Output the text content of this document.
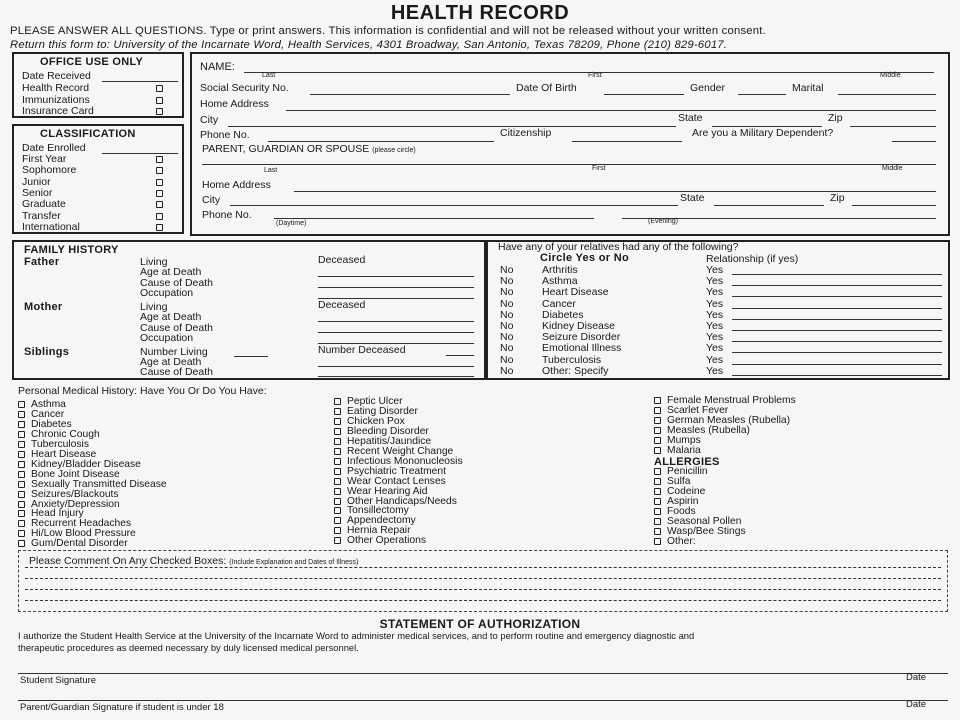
HEALTH RECORD
PLEASE ANSWER ALL QUESTIONS. Type or print answers. This information is confidential and will not be released without your written consent.
Return this form to: University of the Incarnate Word, Health Services, 4301 Broadway, San Antonio, Texas 78209, Phone (210) 829-6017.
OFFICE USE ONLY
Date Received
Health Record
Immunizations
Insurance Card
CLASSIFICATION
Date Enrolled
First Year
Sophomore
Junior
Senior
Graduate
Transfer
International
NAME:
Last	First	Middle
Social Security No.	Date Of Birth	Gender	Marital
Home Address
City	State	Zip
Phone No.	Citizenship	Are you a Military Dependent?
PARENT, GUARDIAN OR SPOUSE (please circle)
Last	First	Middle
Home Address
City	State	Zip
Phone No.
(Daytime)	(Evening)
FAMILY HISTORY
Father	Living	Deceased
Age at Death
Cause of Death
Occupation
Mother	Living	Deceased
Age at Death
Cause of Death
Occupation
Siblings	Number Living	Number Deceased
Age at Death
Cause of Death
Have any of your relatives had any of the following?
Circle Yes or No	Relationship (if yes)
No	Arthritis	Yes
No	Asthma	Yes
No	Heart Disease	Yes
No	Cancer	Yes
No	Diabetes	Yes
No	Kidney Disease	Yes
No	Seizure Disorder	Yes
No	Emotional Illness	Yes
No	Tuberculosis	Yes
No	Other: Specify	Yes
Personal Medical History: Have You Or Do You Have:
Asthma
Cancer
Diabetes
Chronic Cough
Tuberculosis
Heart Disease
Kidney/Bladder Disease
Bone Joint Disease
Sexually Transmitted Disease
Seizures/Blackouts
Anxiety/Depression
Head Injury
Recurrent Headaches
Hi/Low Blood Pressure
Gum/Dental Disorder
Peptic Ulcer
Eating Disorder
Chicken Pox
Bleeding Disorder
Hepatitis/Jaundice
Recent Weight Change
Infectious Mononucleosis
Psychiatric Treatment
Wear Contact Lenses
Wear Hearing Aid
Other Handicaps/Needs
Tonsillectomy
Appendectomy
Hernia Repair
Other Operations
Female Menstrual Problems
Scarlet Fever
German Measles (Rubella)
Measles (Rubella)
Mumps
Malaria
ALLERGIES
Penicillin
Sulfa
Codeine
Aspirin
Foods
Seasonal Pollen
Wasp/Bee Stings
Other:
Please Comment On Any Checked Boxes: (Include Explanation and Dates of Illness)
STATEMENT OF AUTHORIZATION
I authorize the Student Health Service at the University of the Incarnate Word to administer medical services, and to perform routine and emergency diagnostic and
therapeutic procedures as deemed necessary by duly licensed medical personnel.
Student Signature	Date
Parent/Guardian Signature if student is under 18	Date
